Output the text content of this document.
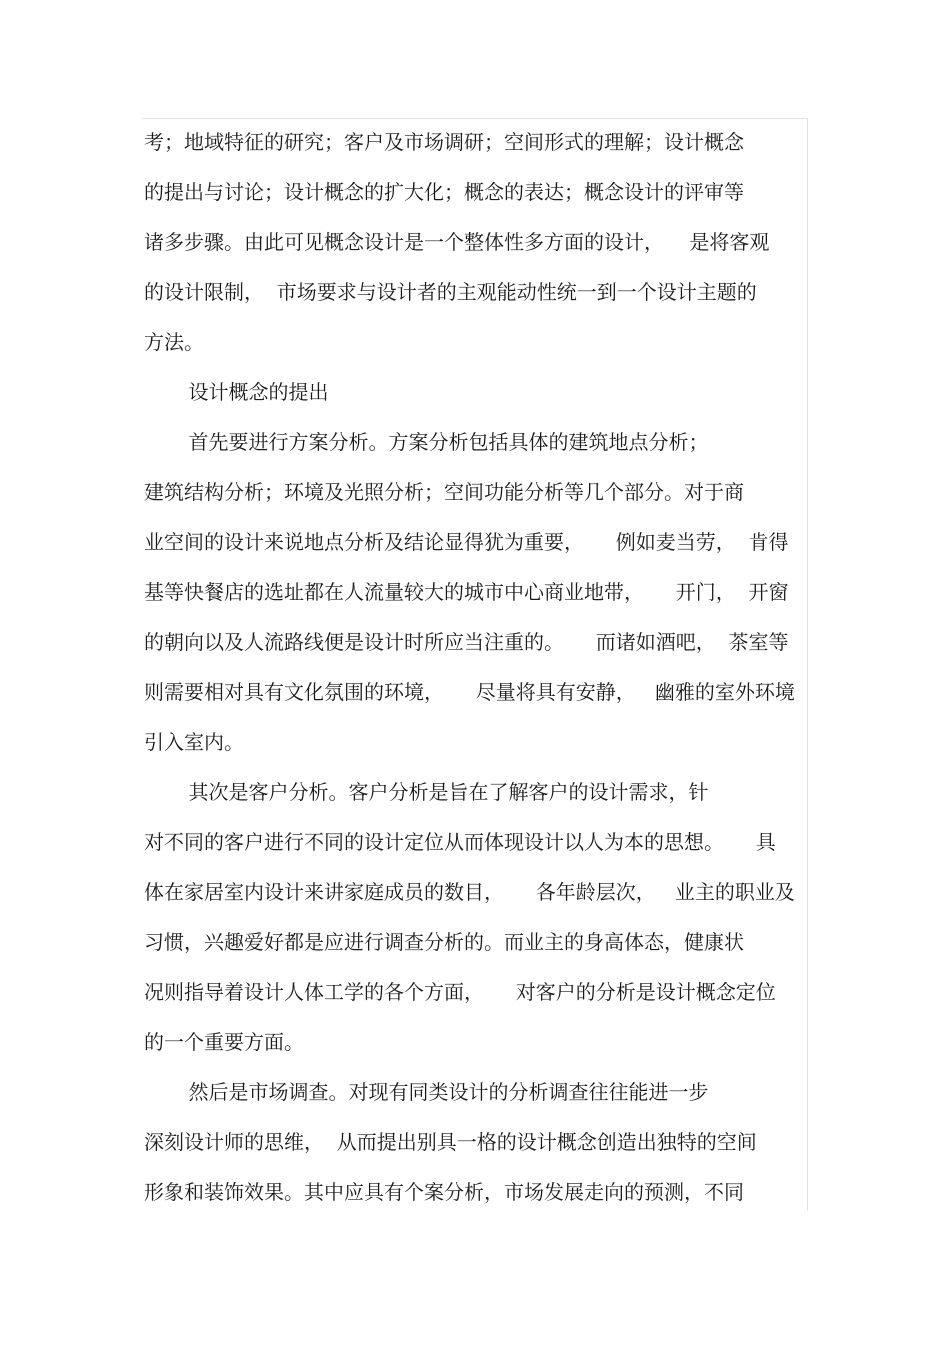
考；地域特征的研究；客户及市场调研；空间形式的理解；设计概念
的提出与讨论；设计概念的扩大化；概念的表达；概念设计的评审等
诸多步骤。由此可见概念设计是一个整体性多方面的设计，    是将客观
的设计限制，  市场要求与设计者的主观能动性统一到一个设计主题的
方法。
设计概念的提出
首先要进行方案分析。方案分析包括具体的建筑地点分析；
建筑结构分析；环境及光照分析；空间功能分析等几个部分。对于商
业空间的设计来说地点分析及结论显得犹为重要，     例如麦当劳，  肯得
基等快餐店的选址都在人流量较大的城市中心商业地带，     开门，  开窗
的朝向以及人流路线便是设计时所应当注重的。     而诸如酒吧，  茶室等
则需要相对具有文化氛围的环境，     尽量将具有安静，   幽雅的室外环境
引入室内。
其次是客户分析。客户分析是旨在了解客户的设计需求，针
对不同的客户进行不同的设计定位从而体现设计以人为本的思想。     具
体在家居室内设计来讲家庭成员的数目，     各年龄层次，   业主的职业及
习惯，兴趣爱好都是应进行调查分析的。而业主的身高体态，健康状
况则指导着设计人体工学的各个方面，     对客户的分析是设计概念定位
的一个重要方面。
然后是市场调查。对现有同类设计的分析调查往往能进一步
深刻设计师的思维，  从而提出别具一格的设计概念创造出独特的空间
形象和装饰效果。其中应具有个案分析，市场发展走向的预测，不同
